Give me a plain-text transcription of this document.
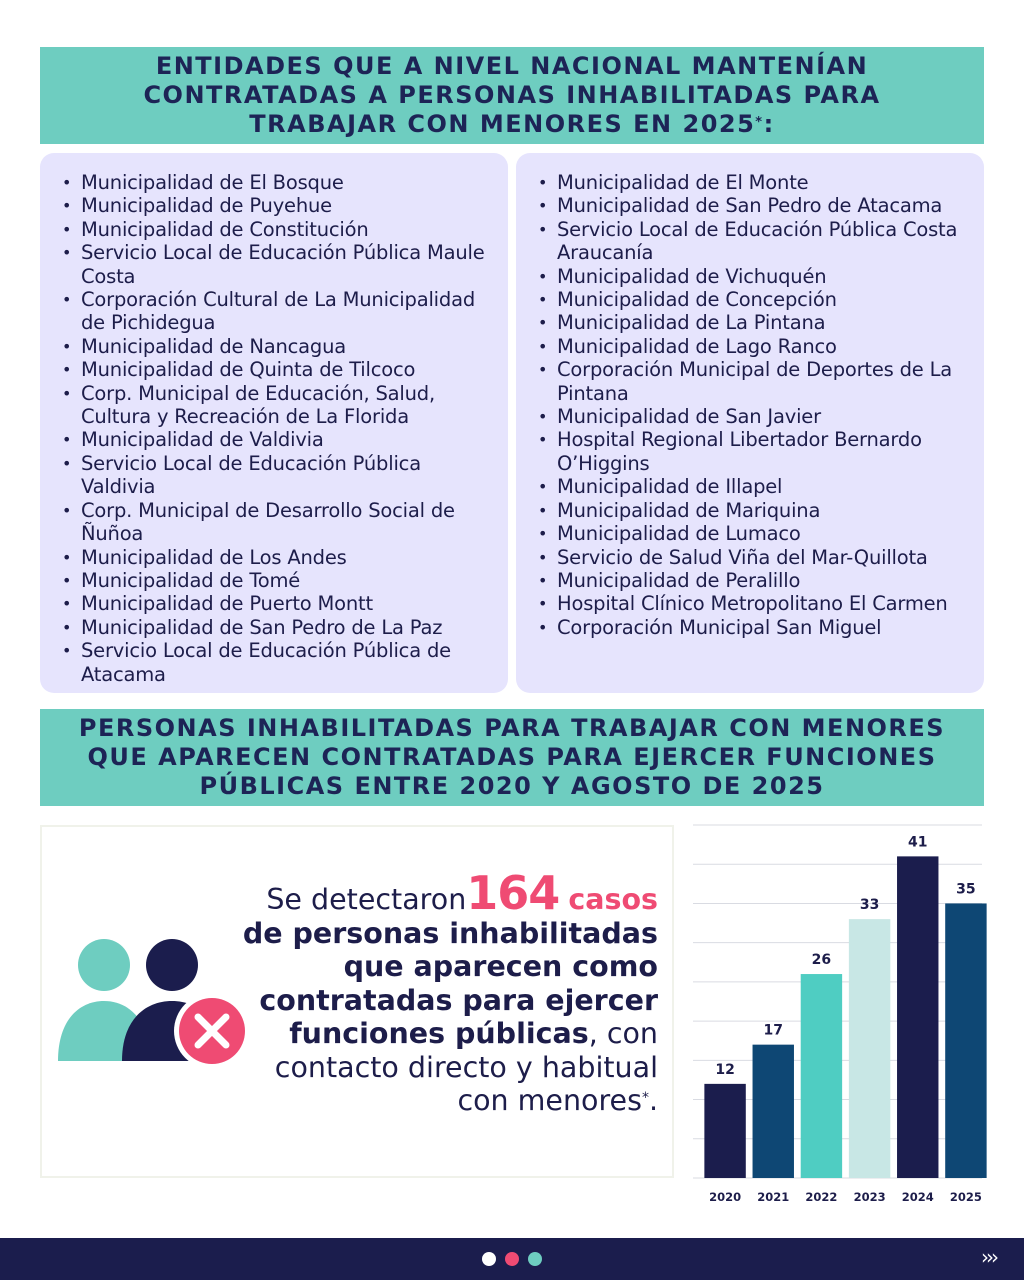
ENTIDADES QUE A NIVEL NACIONAL MANTENÍAN
CONTRATADAS A PERSONAS INHABILITADAS PARA
TRABAJAR CON MENORES EN 2025*:
• Municipalidad de El Bosque
• Municipalidad de Puyehue
• Municipalidad de Constitución
• Servicio Local de Educación Pública Maule Costa
• Corporación Cultural de La Municipalidad de Pichidegua
• Municipalidad de Nancagua
• Municipalidad de Quinta de Tilcoco
• Corp. Municipal de Educación, Salud, Cultura y Recreación de La Florida
• Municipalidad de Valdivia
• Servicio Local de Educación Pública Valdivia
• Corp. Municipal de Desarrollo Social de Ñuñoa
• Municipalidad de Los Andes
• Municipalidad de Tomé
• Municipalidad de Puerto Montt
• Municipalidad de San Pedro de La Paz
• Servicio Local de Educación Pública de Atacama
• Municipalidad de El Monte
• Municipalidad de San Pedro de Atacama
• Servicio Local de Educación Pública Costa Araucanía
• Municipalidad de Vichuquén
• Municipalidad de Concepción
• Municipalidad de La Pintana
• Municipalidad de Lago Ranco
• Corporación Municipal de Deportes de La Pintana
• Municipalidad de San Javier
• Hospital Regional Libertador Bernardo O’Higgins
• Municipalidad de Illapel
• Municipalidad de Mariquina
• Municipalidad de Lumaco
• Servicio de Salud Viña del Mar-Quillota
• Municipalidad de Peralillo
• Hospital Clínico Metropolitano El Carmen
• Corporación Municipal San Miguel
PERSONAS INHABILITADAS PARA TRABAJAR CON MENORES
QUE APARECEN CONTRATADAS PARA EJERCER FUNCIONES
PÚBLICAS ENTRE 2020 Y AGOSTO DE 2025
Se detectaron164 casos
de personas inhabilitadas
que aparecen como
contratadas para ejercer
funciones públicas, con
contacto directo y habitual
con menores*.
12
2020
17
2021
26
2022
33
2023
41
2024
35
2025
›››
